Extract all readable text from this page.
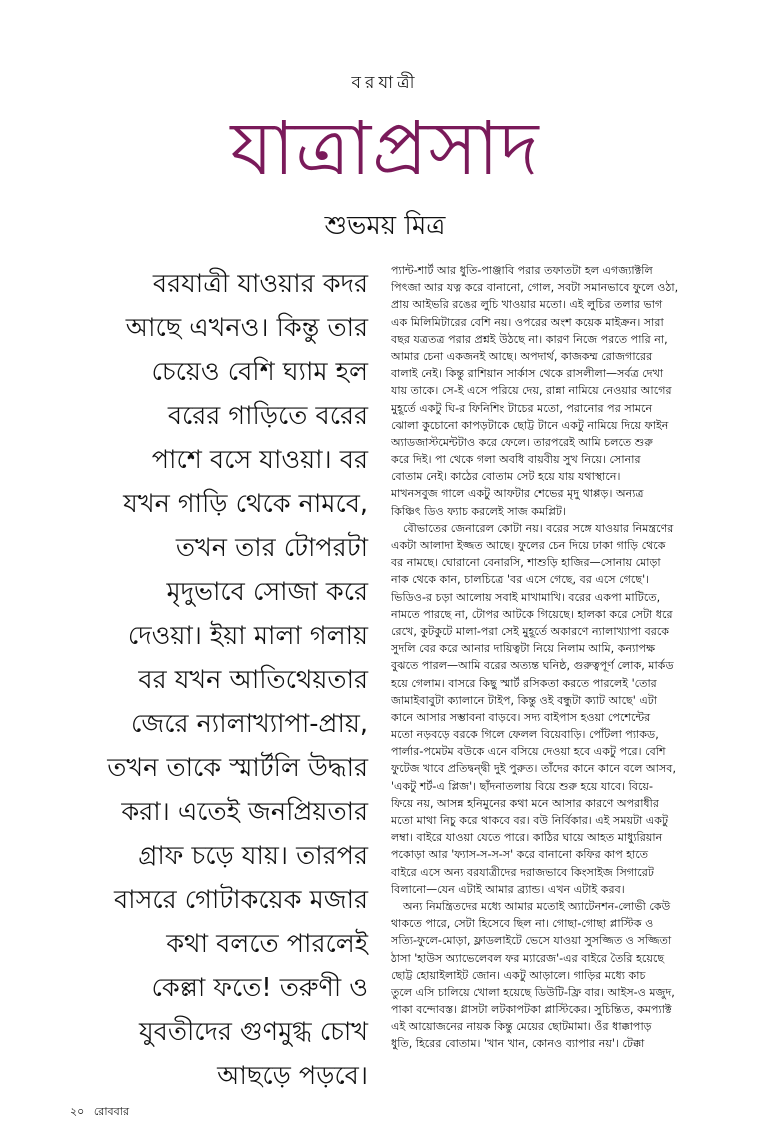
বরযাত্রী
যাত্রাপ্রসাদ
শুভময় মিত্র
বরযাত্রী যাওয়ার কদর
আছে এখনও। কিন্তু তার
চেয়েও বেশি ঘ্যাম হল
বরের গাড়িতে বরের
পাশে বসে যাওয়া। বর
যখন গাড়ি থেকে নামবে,
তখন তার টোপরটা
মৃদুভাবে সোজা করে
দেওয়া। ইয়া মালা গলায়
বর যখন আতিথেয়তার
জেরে ন্যালাখ্যাপা-প্রায়,
তখন তাকে স্মার্টলি উদ্ধার
করা। এতেই জনপ্রিয়তার
গ্রাফ চড়ে যায়। তারপর
বাসরে গোটাকয়েক মজার
কথা বলতে পারলেই
কেল্লা ফতে! তরুণী ও
যুবতীদের গুণমুগ্ধ চোখ
আছড়ে পড়বে।
প্যান্ট-শার্ট আর ধুতি-পাঞ্জাবি পরার তফাতটা হল এগজ্যাক্টলি
পিৎজা আর যত্ন করে বানানো, গোল, সবটা সমানভাবে ফুলে ওঠা,
প্রায় আইভরি রঙের লুচি খাওয়ার মতো। এই লুচির তলার ভাগ
এক মিলিমিটারের বেশি নয়। ওপরের অংশ কয়েক মাইক্রন। সারা
বছর যত্রতত্র পরার প্রশ্নই উঠছে না। কারণ নিজে পরতে পারি না,
আমার চেনা একজনই আছে। অপদার্থ, কাজকম্ম রোজগারের
বালাই নেই। কিন্তু রাশিয়ান সার্কাস থেকে রাসলীলা—সর্বত্র দেখা
যায় তাকে। সে-ই এসে পরিয়ে দেয়, রান্না নামিয়ে নেওয়ার আগের
মুহূর্তে একটু ঘি-র ফিনিশিং টাচের মতো, পরানোর পর সামনে
ঝোলা কুচোনো কাপড়টাকে ছোট্ট টানে একটু নামিয়ে দিয়ে ফাইন
অ্যাডজাস্টমেন্টটাও করে ফেলে। তারপরেই আমি চলতে শুরু
করে দিই। পা থেকে গলা অবধি বায়বীয় সুখ নিয়ে। সোনার
বোতাম নেই। কাঠের বোতাম সেট হয়ে যায় যথাস্থানে।
মাখনসবুজ গালে একটু আফটার শেভের মৃদু থাপ্পড়। অন্যত্র
কিঞ্চিৎ ডিও ফ্যাচ করলেই সাজ কমপ্লিট।
বৌভাতের জেনারেল কোটা নয়। বরের সঙ্গে যাওয়ার নিমন্ত্রণের
একটা আলাদা ইজ্জত আছে। ফুলের চেন দিয়ে ঢাকা গাড়ি থেকে
বর নামছে। ঘোরানো বেনারসি, শাশুড়ি হাজির—সোনায় মোড়া
নাক থেকে কান, চালচিত্রে 'বর এসে গেছে, বর এসে গেছে'।
ভিডিও-র চড়া আলোয় সবাই মাখামাখি। বরের একপা মাটিতে,
নামতে পারছে না, টোপর আটকে গিয়েছে। হালকা করে সেটা ধরে
রেখে, কুটকুটে মালা-পরা সেই মুহূর্তে অকারণে ন্যালাখ্যাপা বরকে
সুদলি বের করে আনার দায়িত্বটা নিয়ে নিলাম আমি, কন্যাপক্ষ
বুঝতে পারল—আমি বরের অত্যন্ত ঘনিষ্ঠ, গুরুত্বপূর্ণ লোক, মার্কড
হয়ে গেলাম। বাসরে কিছু স্মার্ট রসিকতা করতে পারলেই 'তোর
জামাইবাবুটা ক্যালানে টাইপ, কিন্তু ওই বন্ধুটা ক্যাট আছে' এটা
কানে আসার সম্ভাবনা বাড়বে। সদ্য বাইপাস হওয়া পেশেন্টের
মতো নড়বড়ে বরকে গিলে ফেলল বিয়েবাড়ি। পোঁটলা প্যাকড,
পার্লার-পমেটম বউকে এনে বসিয়ে দেওয়া হবে একটু পরে। বেশি
ফুটেজ খাবে প্রতিদ্বন্দ্বী দুই পুরুত। তাঁদের কানে কানে বলে আসব,
'একটু শর্ট-এ প্লিজ'। ছাঁদনাতলায় বিয়ে শুরু হয়ে যাবে। বিয়ে-
ফিয়ে নয়, আসন্ন হনিমুনের কথা মনে আসার কারণে অপরাধীর
মতো মাথা নিচু করে থাকবে বর। বউ নির্বিকার। এই সময়টা একটু
লম্বা। বাইরে যাওয়া যেতে পারে। কাঠির ঘায়ে আহত মাধ্যুরিয়ান
পকোড়া আর 'ফ্যাস-স-স-স' করে বানানো কফির কাপ হাতে
বাইরে এসে অন্য বরযাত্রীদের দরাজভাবে কিংসাইজ সিগারেট
বিলানো—যেন এটাই আমার ব্র্যান্ড। এখন এটাই করব।
অন্য নিমন্ত্রিতদের মধ্যে আমার মতোই অ্যাটেনশন-লোভী কেউ
থাকতে পারে, সেটা হিসেবে ছিল না। গোছা-গোছা প্লাস্টিক ও
সত্যি-ফুলে-মোড়া, ফ্লাডলাইটে ভেসে যাওয়া সুসজ্জিত ও সজ্জিতা
ঠাসা 'হাউস অ্যাভেলেবল ফর ম্যারেজ'-এর বাইরে তৈরি হয়েছে
ছোট্ট হোয়াইলাইট জোন। একটু আড়ালে। গাড়ির মধ্যে কাচ
তুলে এসি চালিয়ে খোলা হয়েছে ডিউটি-ফ্রি বার। আইস-ও মজুদ,
পাকা বন্দোবস্ত। গ্লাসটা লটকাপটকা প্লাস্টিকের। সুচিন্তিত, কমপ্যাক্ট
এই আয়োজনের নায়ক কিন্তু মেয়ের ছোটমামা। ওঁর ধাক্কাপাড়
ধুতি, হিরের বোতাম। 'খান খান, কোনও ব্যাপার নয়'। টেক্কা
২০ রোববার
